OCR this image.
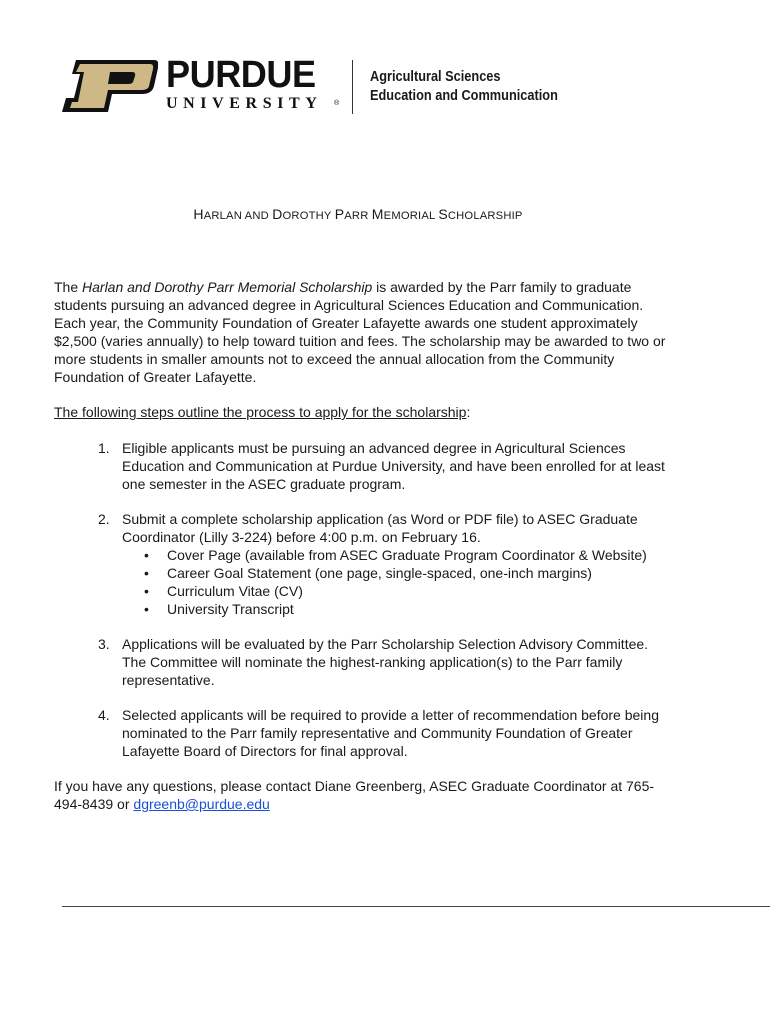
PURDUE
UNIVERSITY ®
Agricultural Sciences
Education and Communication
HARLAN AND DOROTHY PARR MEMORIAL SCHOLARSHIP

The Harlan and Dorothy Parr Memorial Scholarship is awarded by the Parr family to graduate students pursuing an advanced degree in Agricultural Sciences Education and Communication. Each year, the Community Foundation of Greater Lafayette awards one student approximately $2,500 (varies annually) to help toward tuition and fees. The scholarship may be awarded to two or more students in smaller amounts not to exceed the annual allocation from the Community Foundation of Greater Lafayette.

The following steps outline the process to apply for the scholarship:

1. Eligible applicants must be pursuing an advanced degree in Agricultural Sciences Education and Communication at Purdue University, and have been enrolled for at least one semester in the ASEC graduate program.
2. Submit a complete scholarship application (as Word or PDF file) to ASEC Graduate Coordinator (Lilly 3-224) before 4:00 p.m. on February 16.
• Cover Page (available from ASEC Graduate Program Coordinator & Website)
• Career Goal Statement (one page, single-spaced, one-inch margins)
• Curriculum Vitae (CV)
• University Transcript
3. Applications will be evaluated by the Parr Scholarship Selection Advisory Committee. The Committee will nominate the highest-ranking application(s) to the Parr family representative.
4. Selected applicants will be required to provide a letter of recommendation before being nominated to the Parr family representative and Community Foundation of Greater Lafayette Board of Directors for final approval.

If you have any questions, please contact Diane Greenberg, ASEC Graduate Coordinator at 765-494-8439 or dgreenb@purdue.edu
